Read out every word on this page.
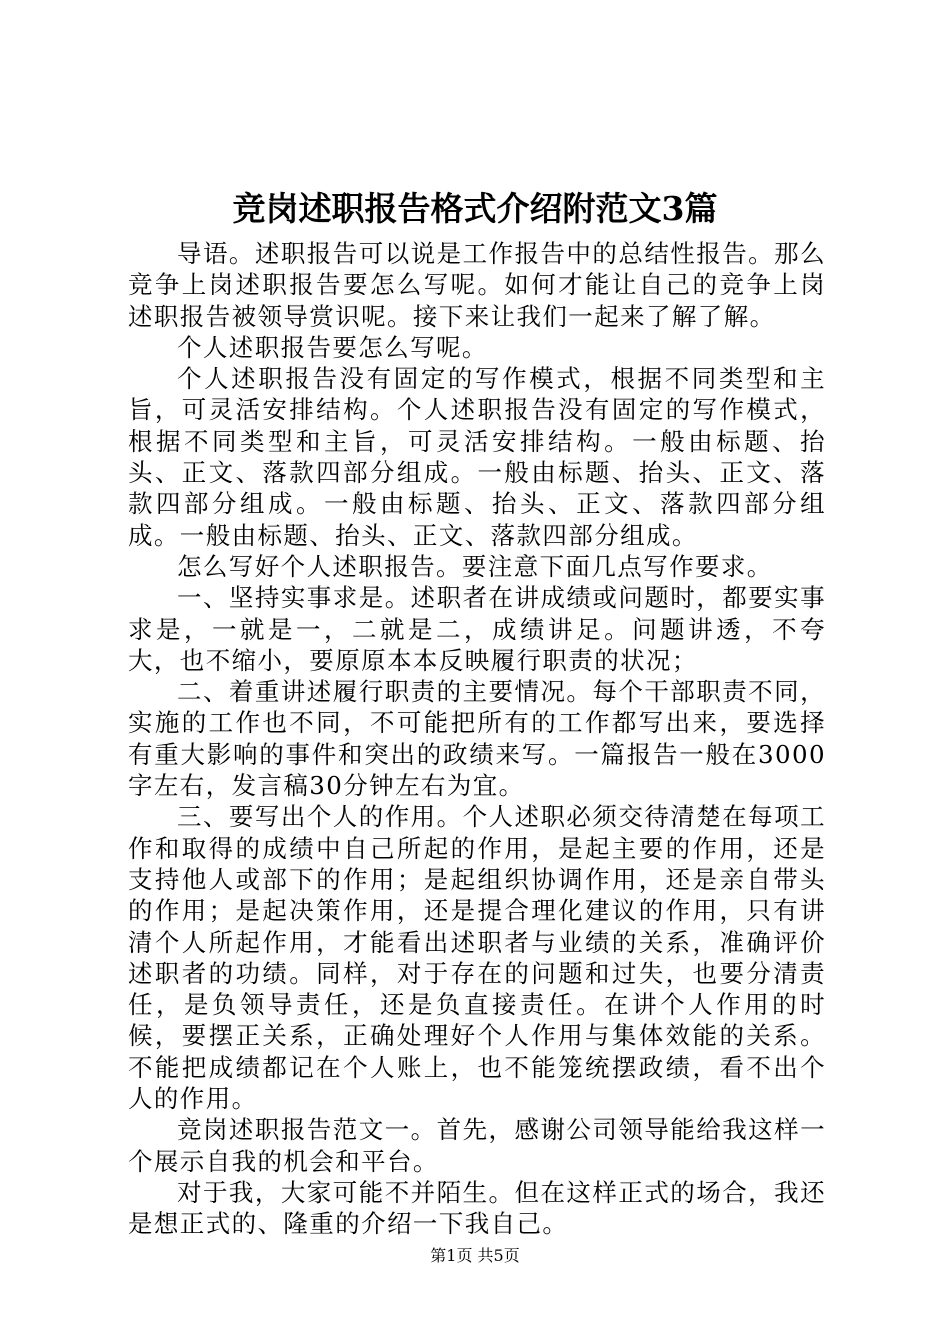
竞岗述职报告格式介绍附范文3篇

导语。述职报告可以说是工作报告中的总结性报告。那么竞争上岗述职报告要怎么写呢。如何才能让自己的竞争上岗述职报告被领导赏识呢。接下来让我们一起来了解了解。

个人述职报告要怎么写呢。

个人述职报告没有固定的写作模式，根据不同类型和主旨，可灵活安排结构。个人述职报告没有固定的写作模式，根据不同类型和主旨，可灵活安排结构。一般由标题、抬头、正文、落款四部分组成。一般由标题、抬头、正文、落款四部分组成。一般由标题、抬头、正文、落款四部分组成。一般由标题、抬头、正文、落款四部分组成。

怎么写好个人述职报告。要注意下面几点写作要求。

一、坚持实事求是。述职者在讲成绩或问题时，都要实事求是，一就是一，二就是二，成绩讲足。问题讲透，不夸大，也不缩小，要原原本本反映履行职责的状况；

二、着重讲述履行职责的主要情况。每个干部职责不同，实施的工作也不同，不可能把所有的工作都写出来，要选择有重大影响的事件和突出的政绩来写。一篇报告一般在3000字左右，发言稿30分钟左右为宜。

三、要写出个人的作用。个人述职必须交待清楚在每项工作和取得的成绩中自己所起的作用，是起主要的作用，还是支持他人或部下的作用；是起组织协调作用，还是亲自带头的作用；是起决策作用，还是提合理化建议的作用，只有讲清个人所起作用，才能看出述职者与业绩的关系，准确评价述职者的功绩。同样，对于存在的问题和过失，也要分清责任，是负领导责任，还是负直接责任。在讲个人作用的时候，要摆正关系，正确处理好个人作用与集体效能的关系。不能把成绩都记在个人账上，也不能笼统摆政绩，看不出个人的作用。

竞岗述职报告范文一。首先，感谢公司领导能给我这样一个展示自我的机会和平台。

对于我，大家可能不并陌生。但在这样正式的场合，我还是想正式的、隆重的介绍一下我自己。

第1页 共5页
